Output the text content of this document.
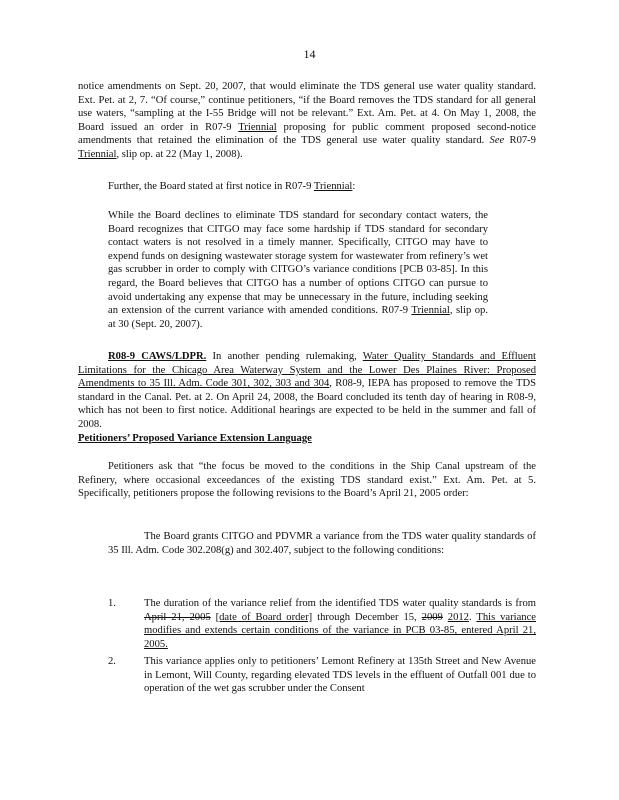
14

notice amendments on Sept. 20, 2007, that would eliminate the TDS general use water quality standard. Ext. Pet. at 2, 7. “Of course,” continue petitioners, “if the Board removes the TDS standard for all general use waters, “sampling at the I-55 Bridge will not be relevant.” Ext. Am. Pet. at 4. On May 1, 2008, the Board issued an order in R07-9 Triennial proposing for public comment proposed second-notice amendments that retained the elimination of the TDS general use water quality standard. See R07-9 Triennial, slip op. at 22 (May 1, 2008).

Further, the Board stated at first notice in R07-9 Triennial:

While the Board declines to eliminate TDS standard for secondary contact waters, the Board recognizes that CITGO may face some hardship if TDS standard for secondary contact waters is not resolved in a timely manner. Specifically, CITGO may have to expend funds on designing wastewater storage system for wastewater from refinery’s wet gas scrubber in order to comply with CITGO’s variance conditions [PCB 03-85]. In this regard, the Board believes that CITGO has a number of options CITGO can pursue to avoid undertaking any expense that may be unnecessary in the future, including seeking an extension of the current variance with amended conditions. R07-9 Triennial, slip op. at 30 (Sept. 20, 2007).

R08-9 CAWS/LDPR. In another pending rulemaking, Water Quality Standards and Effluent Limitations for the Chicago Area Waterway System and the Lower Des Plaines River: Proposed Amendments to 35 Ill. Adm. Code 301, 302, 303 and 304, R08-9, IEPA has proposed to remove the TDS standard in the Canal. Pet. at 2. On April 24, 2008, the Board concluded its tenth day of hearing in R08-9, which has not been to first notice. Additional hearings are expected to be held in the summer and fall of 2008.

Petitioners’ Proposed Variance Extension Language

Petitioners ask that “the focus be moved to the conditions in the Ship Canal upstream of the Refinery, where occasional exceedances of the existing TDS standard exist.” Ext. Am. Pet. at 5. Specifically, petitioners propose the following revisions to the Board’s April 21, 2005 order:

The Board grants CITGO and PDVMR a variance from the TDS water quality standards of 35 Ill. Adm. Code 302.208(g) and 302.407, subject to the following conditions:

1.	The duration of the variance relief from the identified TDS water quality standards is from April 21, 2005 [date of Board order] through December 15, 2009 2012. This variance modifies and extends certain conditions of the variance in PCB 03-85, entered April 21, 2005.
2.	This variance applies only to petitioners’ Lemont Refinery at 135th Street and New Avenue in Lemont, Will County, regarding elevated TDS levels in the effluent of Outfall 001 due to operation of the wet gas scrubber under the Consent
